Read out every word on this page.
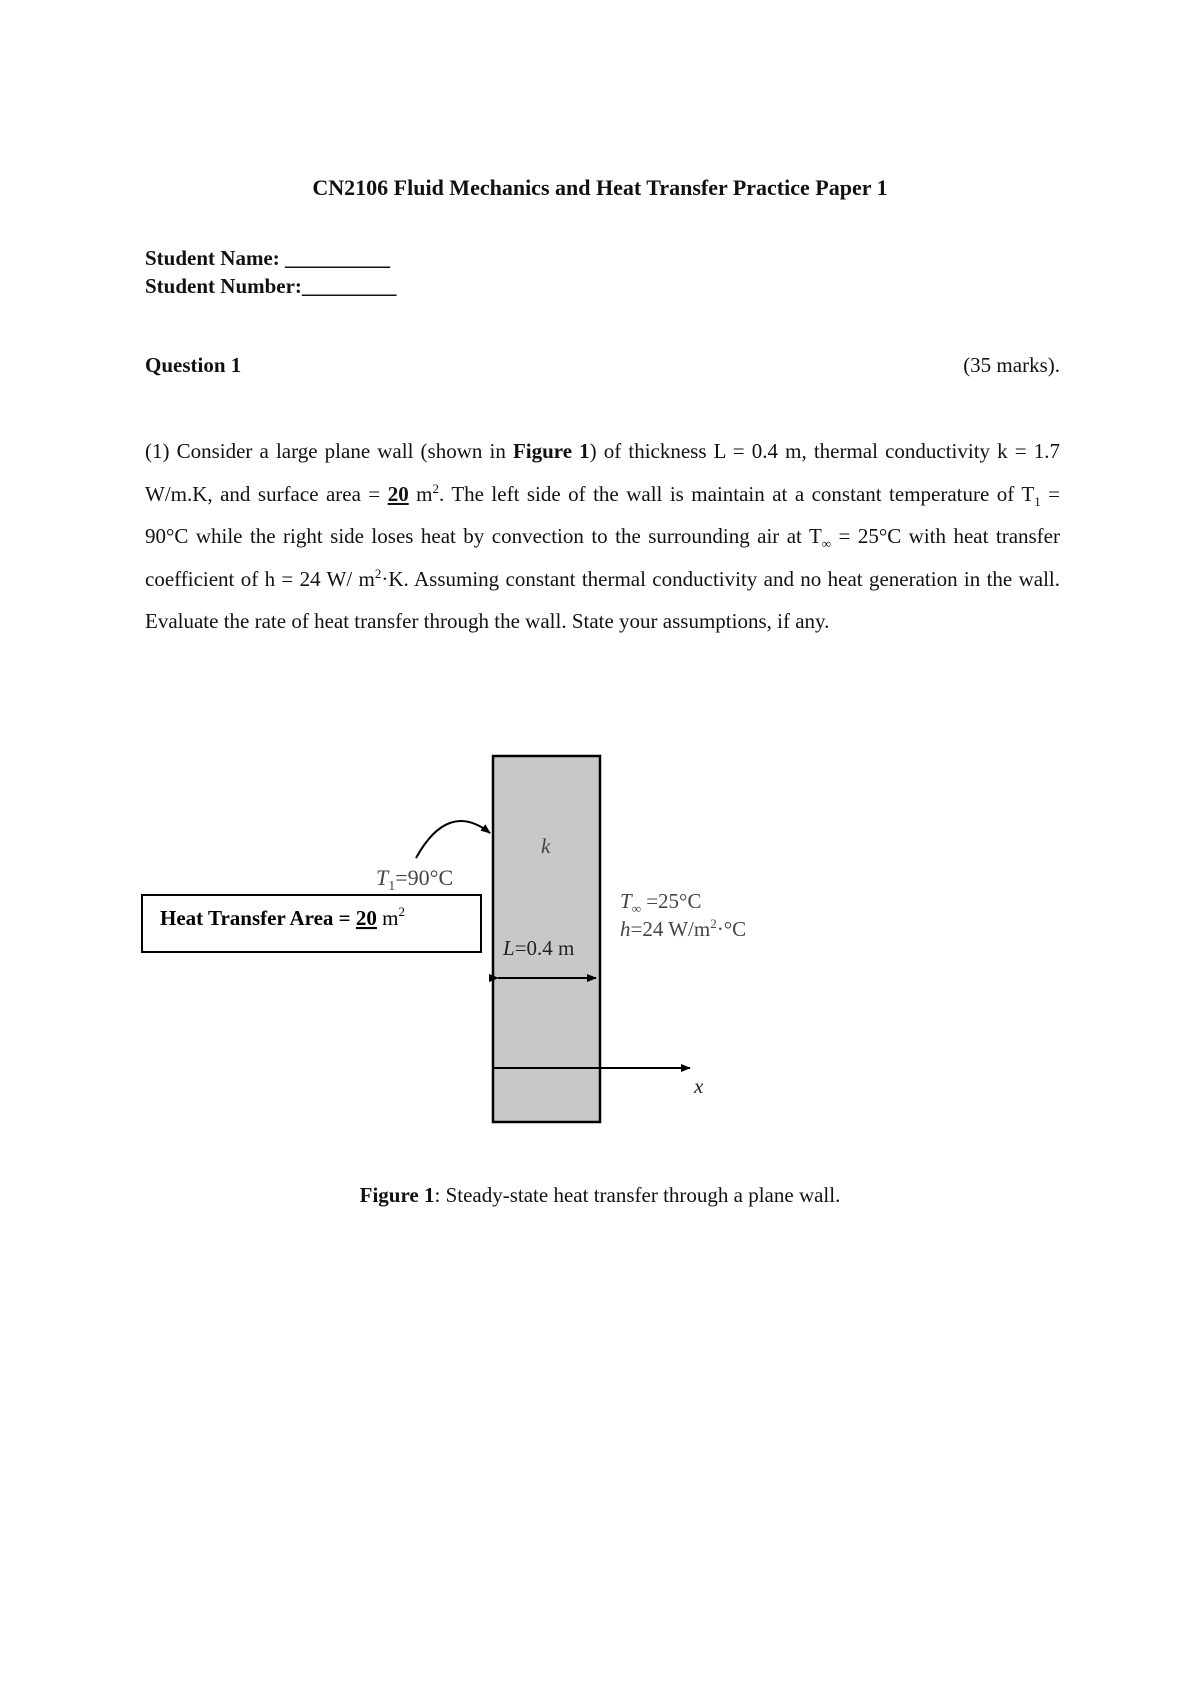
CN2106 Fluid Mechanics and Heat Transfer Practice Paper 1
Student Name: __________
Student Number:_________
Question 1	(35 marks).
(1) Consider a large plane wall (shown in Figure 1) of thickness L = 0.4 m, thermal conductivity k = 1.7 W/m.K, and surface area = 20 $m^2$. The left side of the wall is maintain at a constant temperature of $T_1 = 90^\circ C$ while the right side loses heat by convection to the surrounding air at $T_\infty = 25^\circ C$ with heat transfer coefficient of h = 24 W/ $m^2\cdot K$. Assuming constant thermal conductivity and no heat generation in the wall. Evaluate the rate of heat transfer through the wall. State your assumptions, if any.
k
$T_1=90^\circ C$
Heat Transfer Area = 20 $m^2$	$T_\infty =25^\circ C$
h=24 $W/m^2\cdot^\circ C$
L=0.4 m
x
Figure 1: Steady-state heat transfer through a plane wall.
